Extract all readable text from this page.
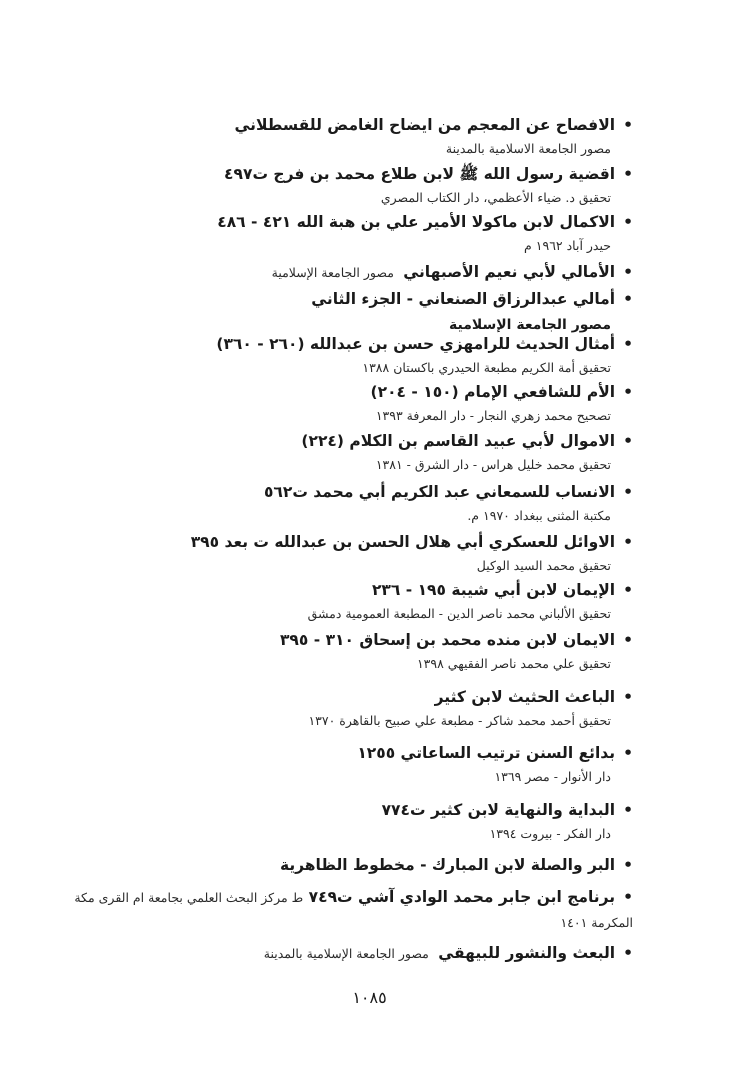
•الافصاح عن المعجم من ايضاح الغامض للقسطلاني
مصور الجامعة الاسلامية بالمدينة
•اقضية رسول الله ﷺ لابن طلاع محمد بن فرج ت٤٩٧
تحقيق د. ضياء الأعظمي، دار الكتاب المصري
•الاكمال لابن ماكولا الأمير علي بن هبة الله ٤٢١ - ٤٨٦
حيدر آباد ١٩٦٢ م
•الأمالي لأبي نعيم الأصبهاني مصور الجامعة الإسلامية
•أمالي عبدالرزاق الصنعاني - الجزء الثاني
مصور الجامعة الإسلامية
•أمثال الحديث للرامهزي حسن بن عبدالله (٢٦٠ - ٣٦٠)
تحقيق أمة الكريم مطبعة الحيدري باكستان ١٣٨٨
•الأم للشافعي الإمام (١٥٠ - ٢٠٤)
تصحيح محمد زهري النجار - دار المعرفة ١٣٩٣
•الاموال لأبي عبيد القاسم بن الكلام (٢٢٤)
تحقيق محمد خليل هراس - دار الشرق - ١٣٨١
•الانساب للسمعاني عبد الكريم أبي محمد ت٥٦٢
مكتبة المثنى ببغداد ١٩٧٠ م.
•الاوائل للعسكري أبي هلال الحسن بن عبدالله ت بعد ٣٩٥
تحقيق محمد السيد الوكيل
•الإيمان لابن أبي شيبة ١٩٥ - ٢٣٦
تحقيق الألباني محمد ناصر الدين - المطبعة العمومية دمشق
•الايمان لابن منده محمد بن إسحاق ٣١٠ - ٣٩٥
تحقيق علي محمد ناصر الفقيهي ١٣٩٨
•الباعث الحثيث لابن كثير
تحقيق أحمد محمد شاكر - مطبعة علي صبيح بالقاهرة ١٣٧٠
•بدائع السنن ترتيب الساعاتي ١٢٥٥
دار الأنوار - مصر ١٣٦٩
•البداية والنهاية لابن كثير ت٧٧٤
دار الفكر - بيروت ١٣٩٤
•البر والصلة لابن المبارك - مخطوط الظاهرية
•برنامج ابن جابر محمد الوادي آشي ت٧٤٩ ط مركز البحث العلمي بجامعة ام القرى مكة
المكرمة ١٤٠١
•البعث والنشور للبيهقي مصور الجامعة الإسلامية بالمدينة
١٠٨٥
